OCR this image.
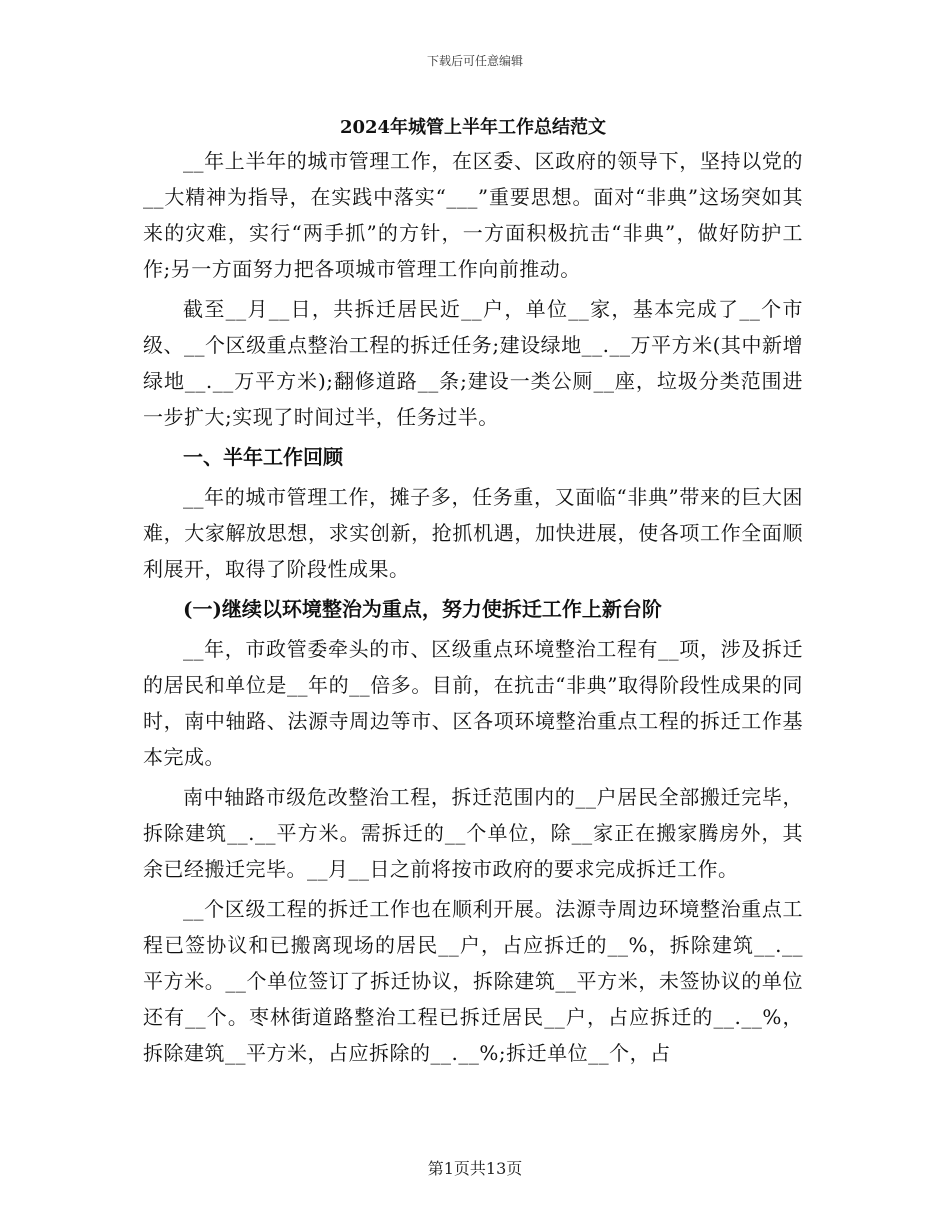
下载后可任意编辑
2024年城管上半年工作总结范文

__年上半年的城市管理工作，在区委、区政府的领导下，坚持以党的__大精神为指导，在实践中落实“___”重要思想。面对“非典”这场突如其来的灾难，实行“两手抓”的方针，一方面积极抗击“非典”，做好防护工作;另一方面努力把各项城市管理工作向前推动。

截至__月__日，共拆迁居民近__户，单位__家，基本完成了__个市级、__个区级重点整治工程的拆迁任务;建设绿地__.__万平方米(其中新增绿地__.__万平方米);翻修道路__条;建设一类公厕__座，垃圾分类范围进一步扩大;实现了时间过半，任务过半。

一、半年工作回顾

__年的城市管理工作，摊子多，任务重，又面临“非典”带来的巨大困难，大家解放思想，求实创新，抢抓机遇，加快进展，使各项工作全面顺利展开，取得了阶段性成果。

(一)继续以环境整治为重点，努力使拆迁工作上新台阶

__年，市政管委牵头的市、区级重点环境整治工程有__项，涉及拆迁的居民和单位是__年的__倍多。目前，在抗击“非典”取得阶段性成果的同时，南中轴路、法源寺周边等市、区各项环境整治重点工程的拆迁工作基本完成。

南中轴路市级危改整治工程，拆迁范围内的__户居民全部搬迁完毕，拆除建筑__.__平方米。需拆迁的__个单位，除__家正在搬家腾房外，其余已经搬迁完毕。__月__日之前将按市政府的要求完成拆迁工作。

__个区级工程的拆迁工作也在顺利开展。法源寺周边环境整治重点工程已签协议和已搬离现场的居民__户，占应拆迁的__%，拆除建筑__.__平方米。__个单位签订了拆迁协议，拆除建筑__平方米，未签协议的单位还有__个。枣林街道路整治工程已拆迁居民__户，占应拆迁的__.__%，拆除建筑__平方米，占应拆除的__.__%;拆迁单位__个，占

第1页共13页
